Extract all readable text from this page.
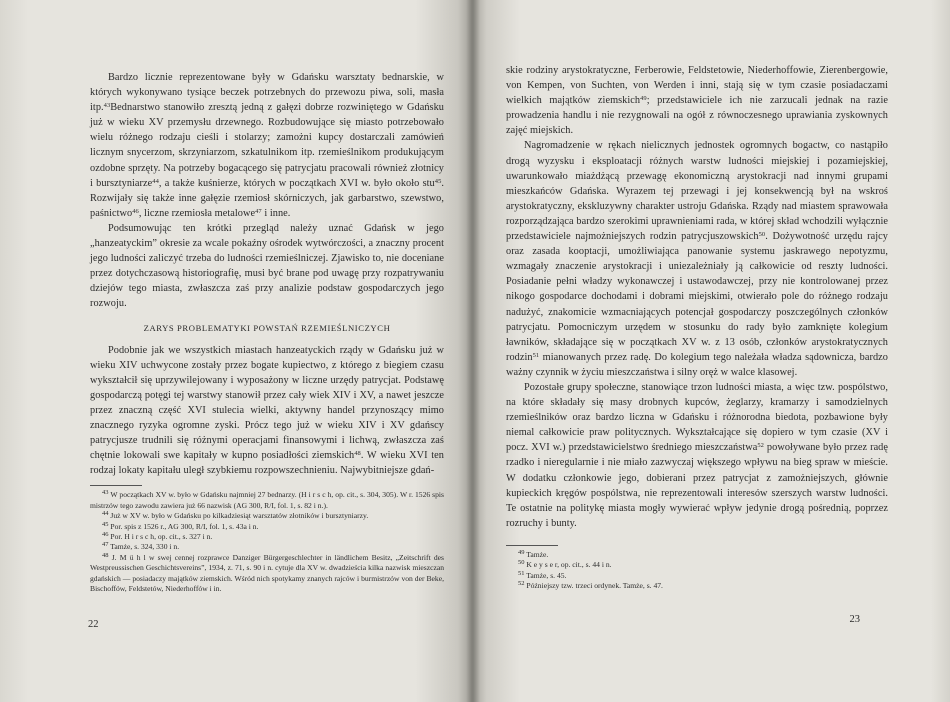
Bardzo licznie reprezentowane były w Gdańsku warsztaty bednarskie, w których wykonywano tysiące beczek potrzebnych do przewozu piwa, soli, masła itp.$^{43}$Bednarstwo stanowiło zresztą jedną z gałęzi dobrze rozwiniętego w Gdańsku już w wieku XV przemysłu drzewnego. Rozbudowujące się miasto potrzebowało wielu różnego rodzaju cieśli i stolarzy; zamożni kupcy dostarczali zamówień licznym snycerzom, skrzyniarzom, szkatulnikom itp. rzemieślnikom produkującym ozdobne sprzęty. Na potrzeby bogacącego się patrycjatu pracowali również złotnicy i bursztyniarze$^{44}$, a także kuśnierze, których w początkach XVI w. było około stu$^{45}$. Rozwijały się także inne gałęzie rzemiosł skórniczych, jak garbarstwo, szewstwo, paśnictwo$^{46}$, liczne rzemiosła metalowe$^{47}$ i inne.

Podsumowując ten krótki przegląd należy uznać Gdańsk w jego „hanzeatyckim” okresie za wcale pokaźny ośrodek wytwórczości, a znaczny procent jego ludności zaliczyć trzeba do ludności rzemieślniczej. Zjawisko to, nie doceniane przez dotychczasową historiografię, musi być brane pod uwagę przy rozpatrywaniu dziejów tego miasta, zwłaszcza zaś przy analizie podstaw gospodarczych jego rozwoju.

ZARYS PROBLEMATYKI POWSTAŃ RZEMIEŚLNICZYCH

Podobnie jak we wszystkich miastach hanzeatyckich rządy w Gdańsku już w wieku XIV uchwycone zostały przez bogate kupiectwo, z którego z biegiem czasu wykształcił się uprzywilejowany i wyposażony w liczne urzędy patrycjat. Podstawę gospodarczą potęgi tej warstwy stanowił przez cały wiek XIV i XV, a nawet jeszcze przez znaczną część XVI stulecia wielki, aktywny handel przynoszący mimo znacznego ryzyka ogromne zyski. Prócz tego już w wieku XIV i XV gdańscy patrycjusze trudnili się różnymi operacjami finansowymi i lichwą, zwłaszcza zaś chętnie lokowali swe kapitały w kupno posiadłości ziemskich$^{48}$. W wieku XVI ten rodzaj lokaty kapitału uległ szybkiemu rozpowszechnieniu. Najwybitniejsze gdań-

$^{43}$ W początkach XV w. było w Gdańsku najmniej 27 bednarzy. (H i r s c h, op. cit., s. 304, 305). W r. 1526 spis mistrzów tego zawodu zawiera już 66 nazwisk (AG 300, R/I, fol. 1, s. 82 i n.).

$^{44}$ Już w XV w. było w Gdańsku po kilkadziesiąt warsztatów złotników i bursztyniarzy.

$^{45}$ Por. spis z 1526 r., AG 300, R/I, fol. 1, s. 43a i n.

$^{46}$ Por. H i r s c h, op. cit., s. 327 i n.

$^{47}$ Tamże, s. 324, 330 i n.

$^{48}$ J. M ü h l w swej cennej rozprawce Danziger Bürgergeschlechter in ländlichem Besitz, „Zeitschrift des Westpreussischen Geschichtsvereins”, 1934, z. 71, s. 90 i n. cytuje dla XV w. dwadzieścia kilka nazwisk mieszczan gdańskich — posiadaczy majątków ziemskich. Wśród nich spotykamy znanych rajców i burmistrzów von der Beke, Bischoffów, Feldstetów, Niederhoffów i in.

22

skie rodziny arystokratyczne, Ferberowie, Feldstetowie, Niederhoffowie, Zierenbergowie, von Kempen, von Suchten, von Werden i inni, stają się w tym czasie posiadaczami wielkich majątków ziemskich$^{49}$; przedstawiciele ich nie zarzucali jednak na razie prowadzenia handlu i nie rezygnowali na ogół z równoczesnego uprawiania zyskownych zajęć miejskich.

Nagromadzenie w rękach nielicznych jednostek ogromnych bogactw, co nastąpiło drogą wyzysku i eksploatacji różnych warstw ludności miejskiej i pozamiejskiej, uwarunkowało miażdżącą przewagę ekonomiczną arystokracji nad innymi grupami mieszkańców Gdańska. Wyrazem tej przewagi i jej konsekwencją był na wskroś arystokratyczny, ekskluzywny charakter ustroju Gdańska. Rządy nad miastem sprawowała rozporządzająca bardzo szerokimi uprawnieniami rada, w której skład wchodzili wyłącznie przedstawiciele najmożniejszych rodzin patrycjuszowskich$^{50}$. Dożywotność urzędu rajcy oraz zasada kooptacji, umożliwiająca panowanie systemu jaskrawego nepotyzmu, wzmagały znaczenie arystokracji i uniezależniały ją całkowicie od reszty ludności. Posiadanie pełni władzy wykonawczej i ustawodawczej, przy nie kontrolowanej przez nikogo gospodarce dochodami i dobrami miejskimi, otwierało pole do różnego rodzaju nadużyć, znakomicie wzmacniających potencjał gospodarczy poszczególnych członków patrycjatu. Pomocniczym urzędem w stosunku do rady było zamknięte kolegium ławników, składające się w początkach XV w. z 13 osób, członków arystokratycznych rodzin$^{51}$ mianowanych przez radę. Do kolegium tego należała władza sądownicza, bardzo ważny czynnik w życiu mieszczaństwa i silny oręż w walce klasowej.

Pozostałe grupy społeczne, stanowiące trzon ludności miasta, a więc tzw. pospólstwo, na które składały się masy drobnych kupców, żeglarzy, kramarzy i samodzielnych rzemieślników oraz bardzo liczna w Gdańsku i różnorodna biedota, pozbawione były niemal całkowicie praw politycznych. Wykształcające się dopiero w tym czasie (XV i pocz. XVI w.) przedstawicielstwo średniego mieszczaństwa$^{52}$ powoływane było przez radę rzadko i nieregularnie i nie miało zazwyczaj większego wpływu na bieg spraw w mieście. W dodatku członkowie jego, dobierani przez patrycjat z zamożniejszych, głównie kupieckich kręgów pospólstwa, nie reprezentowali interesów szerszych warstw ludności. Te ostatnie na politykę miasta mogły wywierać wpływ jedynie drogą pośrednią, poprzez rozruchy i bunty.

$^{49}$ Tamże.

$^{50}$ K e y s e r, op. cit., s. 44 i n.

$^{51}$ Tamże, s. 45.

$^{52}$ Późniejszy tzw. trzeci ordynek. Tamże, s. 47.

23
